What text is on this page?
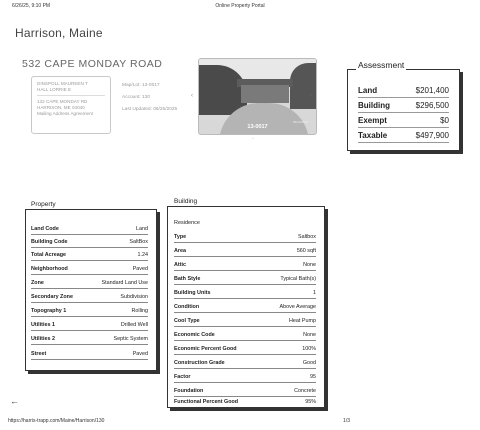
6/26/25, 9:10 PM	Online Property Portal
Harrison, Maine
532 CAPE MONDAY ROAD
DINSPOLL MAUREEN T
HALL LORRIE E
132 CAPE MONDAY RD
HARRISON, ME 04040
Mailing Address Agreement
Map/Lot: 13-0017
Account: 130
Last Updated: 06/25/2025
‹
06/24/2025
13-0017
›
◦
Land	$201,400
Building	$296,500
Exempt	$0
Taxable	$497,900
Assessment
Land Code	Land
Building Code	SaltBox
Total Acreage	1.24
Neighborhood	Paved
Zone	Standard Land Use
Secondary Zone	Subdivision
Topography 1	Rolling
Utilities 1	Drilled Well
Utilities 2	Septic System
Street	Paved
Property
Residence
Type	Saltbox
Area	560 sqft
Attic	None
Bath Style	Typical Bath(s)
Building Units	1
Condition	Above Average
Cool Type	Heat Pump
Economic Code	None
Economic Percent Good	100%
Construction Grade	Good
Factor	95
Foundation	Concrete
Functional Percent Good	95%
Building
←
https://harris-trapp.com/Maine/Harrison/130	1/3
